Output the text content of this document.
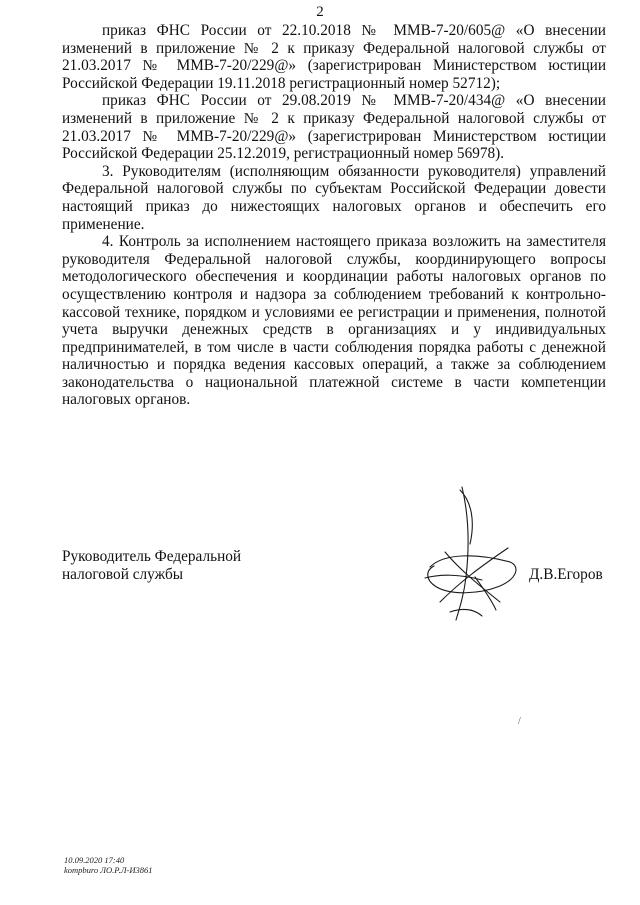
2

приказ ФНС России от 22.10.2018 № ММВ-7-20/605@ «О внесении изменений в приложение № 2 к приказу Федеральной налоговой службы от 21.03.2017 № ММВ-7-20/229@» (зарегистрирован Министерством юстиции Российской Федерации 19.11.2018 регистрационный номер 52712);

приказ ФНС России от 29.08.2019 № ММВ-7-20/434@ «О внесении изменений в приложение № 2 к приказу Федеральной налоговой службы от 21.03.2017 № ММВ-7-20/229@» (зарегистрирован Министерством юстиции Российской Федерации 25.12.2019, регистрационный номер 56978).

3. Руководителям (исполняющим обязанности руководителя) управлений Федеральной налоговой службы по субъектам Российской Федерации довести настоящий приказ до нижестоящих налоговых органов и обеспечить его применение.

4. Контроль за исполнением настоящего приказа возложить на заместителя руководителя Федеральной налоговой службы, координирующего вопросы методологического обеспечения и координации работы налоговых органов по осуществлению контроля и надзора за соблюдением требований к контрольно-кассовой технике, порядком и условиями ее регистрации и применения, полнотой учета выручки денежных средств в организациях и у индивидуальных предпринимателей, в том числе в части соблюдения порядка работы с денежной наличностью и порядка ведения кассовых операций, а также за соблюдением законодательства о национальной платежной системе в части компетенции налоговых органов.

Руководитель Федеральной
налоговой службы	Д.В.Егоров
/
10.09.2020 17:40
kompburo ЛО.Р.Л-И3861
